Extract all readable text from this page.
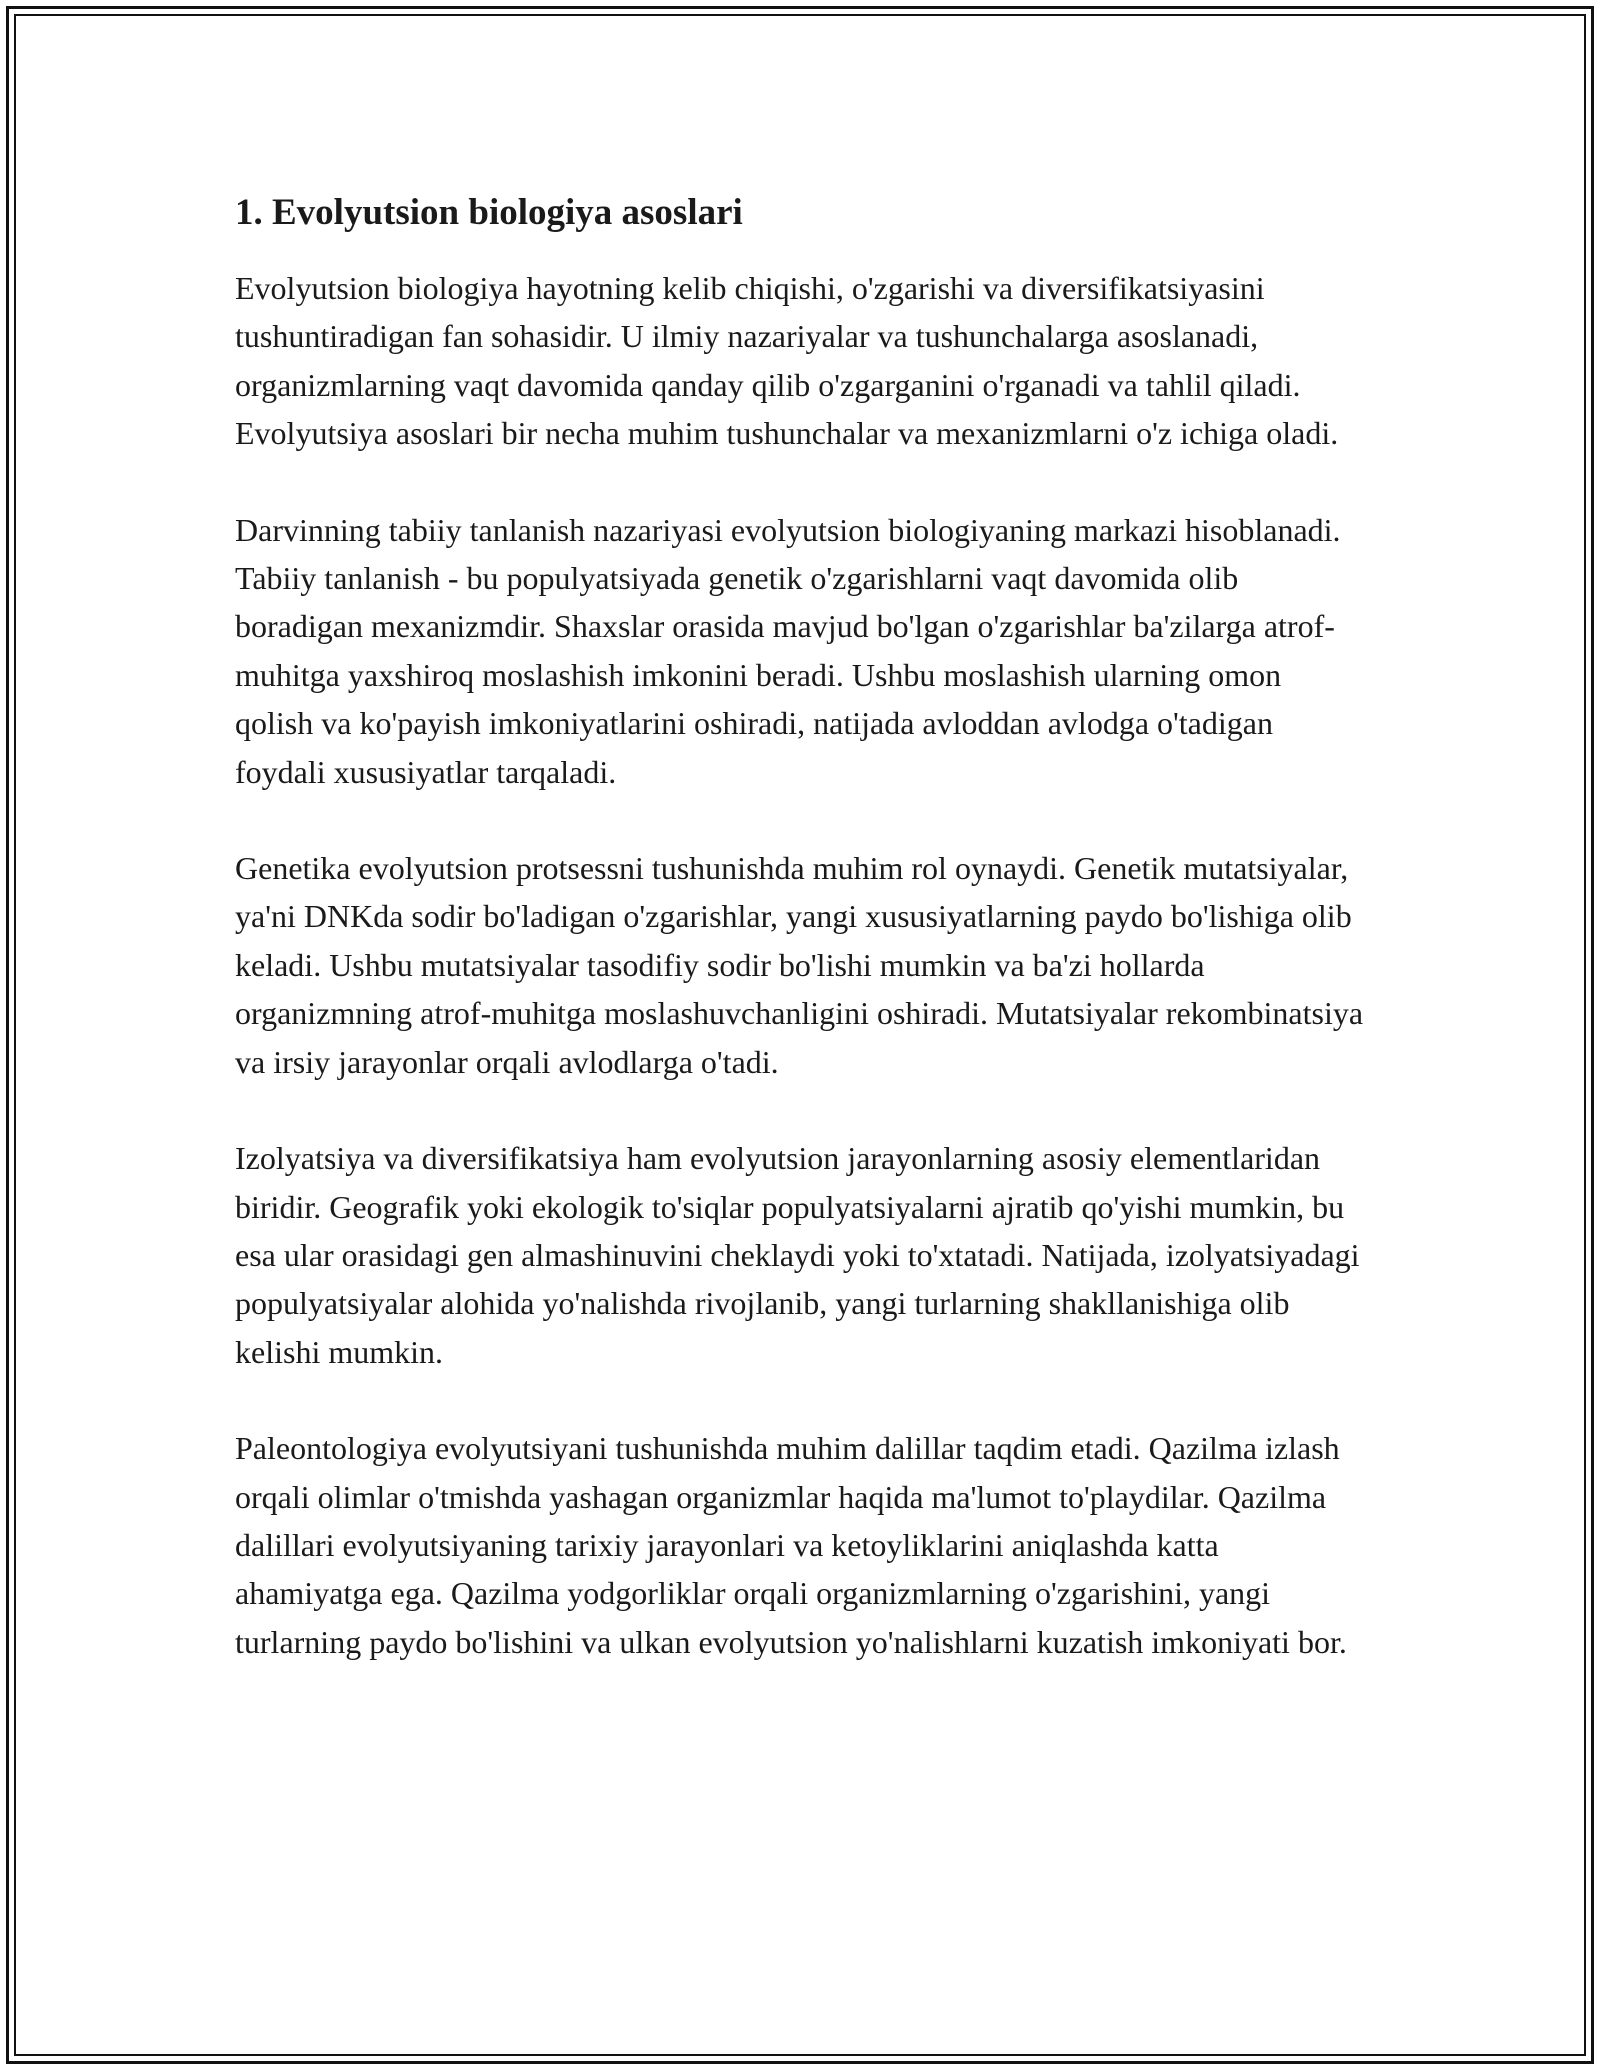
1. Evolyutsion biologiya asoslari

Evolyutsion biologiya hayotning kelib chiqishi, o'zgarishi va diversifikatsiyasini tushuntiradigan fan sohasidir. U ilmiy nazariyalar va tushunchalarga asoslanadi, organizmlarning vaqt davomida qanday qilib o'zgarganini o'rganadi va tahlil qiladi. Evolyutsiya asoslari bir necha muhim tushunchalar va mexanizmlarni o'z ichiga oladi.

Darvinning tabiiy tanlanish nazariyasi evolyutsion biologiyaning markazi hisoblanadi. Tabiiy tanlanish - bu populyatsiyada genetik o'zgarishlarni vaqt davomida olib boradigan mexanizmdir. Shaxslar orasida mavjud bo'lgan o'zgarishlar ba'zilarga atrof-muhitga yaxshiroq moslashish imkonini beradi. Ushbu moslashish ularning omon qolish va ko'payish imkoniyatlarini oshiradi, natijada avloddan avlodga o'tadigan foydali xususiyatlar tarqaladi.

Genetika evolyutsion protsessni tushunishda muhim rol oynaydi. Genetik mutatsiyalar, ya'ni DNKda sodir bo'ladigan o'zgarishlar, yangi xususiyatlarning paydo bo'lishiga olib keladi. Ushbu mutatsiyalar tasodifiy sodir bo'lishi mumkin va ba'zi hollarda organizmning atrof-muhitga moslashuvchanligini oshiradi. Mutatsiyalar rekombinatsiya va irsiy jarayonlar orqali avlodlarga o'tadi.

Izolyatsiya va diversifikatsiya ham evolyutsion jarayonlarning asosiy elementlaridan biridir. Geografik yoki ekologik to'siqlar populyatsiyalarni ajratib qo'yishi mumkin, bu esa ular orasidagi gen almashinuvini cheklaydi yoki to'xtatadi. Natijada, izolyatsiyadagi populyatsiyalar alohida yo'nalishda rivojlanib, yangi turlarning shakllanishiga olib kelishi mumkin.

Paleontologiya evolyutsiyani tushunishda muhim dalillar taqdim etadi. Qazilma izlash orqali olimlar o'tmishda yashagan organizmlar haqida ma'lumot to'playdilar. Qazilma dalillari evolyutsiyaning tarixiy jarayonlari va ketoyliklarini aniqlashda katta ahamiyatga ega. Qazilma yodgorliklar orqali organizmlarning o'zgarishini, yangi turlarning paydo bo'lishini va ulkan evolyutsion yo'nalishlarni kuzatish imkoniyati bor.
